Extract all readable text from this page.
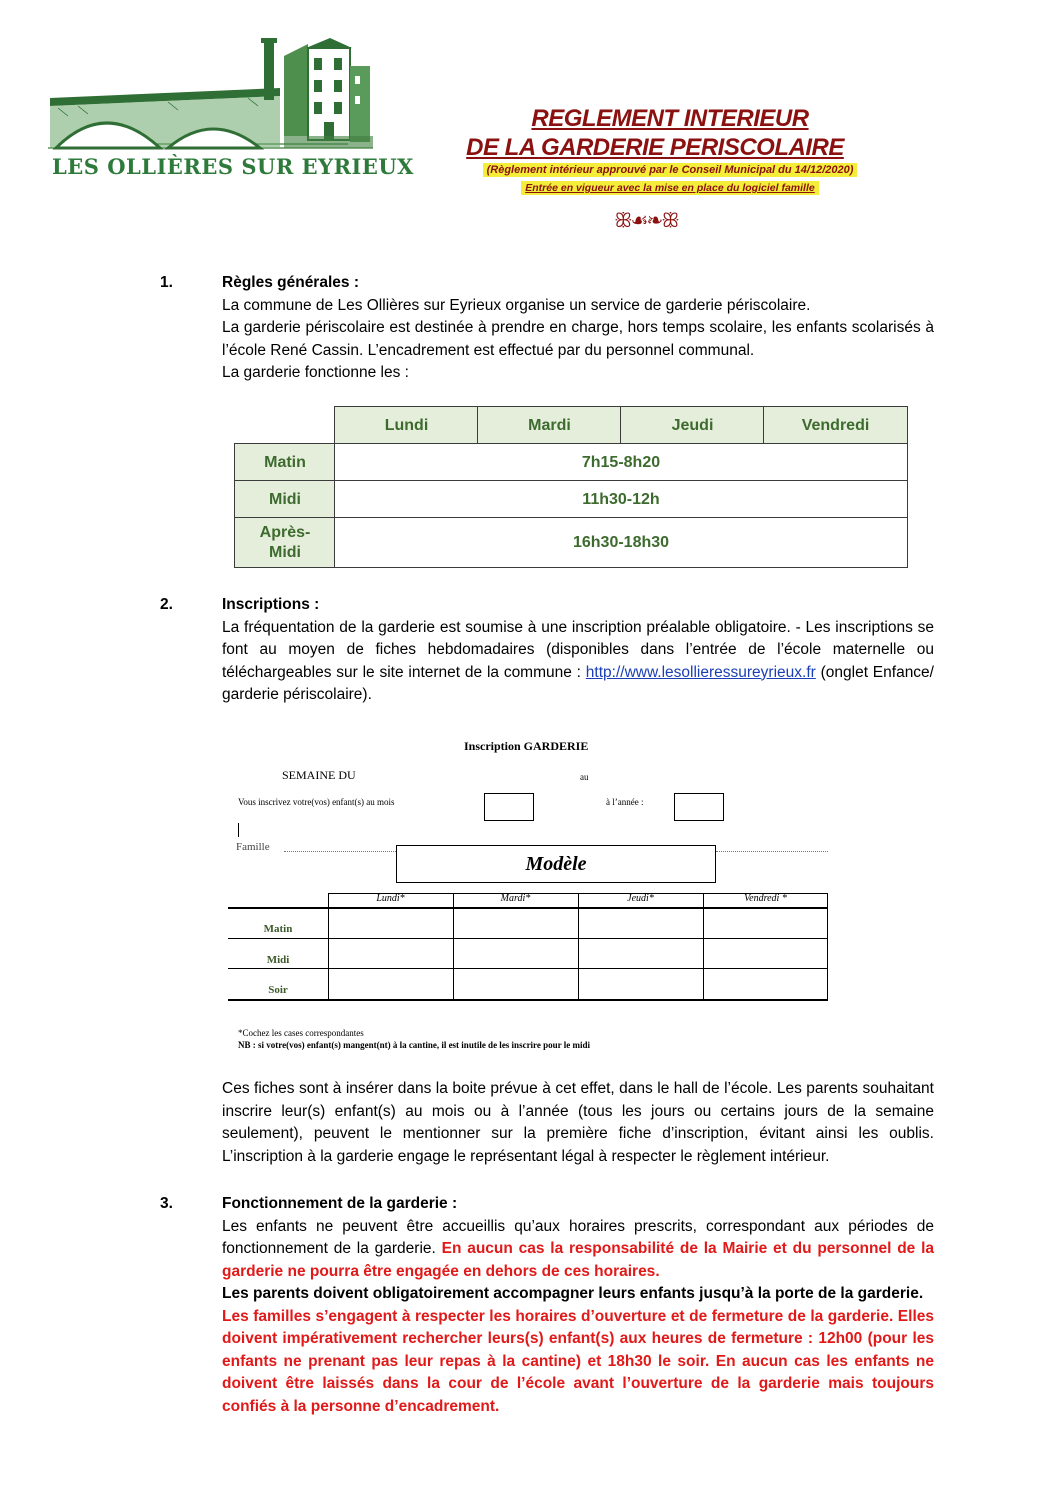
LES OLLIÈRES SUR EYRIEUX
REGLEMENT INTERIEUR
DE LA GARDERIE PERISCOLAIRE
(Règlement intérieur approuvé par le Conseil Municipal du 14/12/2020)
Entrée en vigueur avec la mise en place du logiciel famille
ꕥ☙❧ꕥ
1.	Règles générales :
La commune de Les Ollières sur Eyrieux organise un service de garderie périscolaire.
La garderie périscolaire est destinée à prendre en charge, hors temps scolaire, les enfants scolarisés à l’école René Cassin. L’encadrement est effectué par du personnel communal.
La garderie fonctionne les :
Lundi	Mardi	Jeudi	Vendredi
Matin	7h15-8h20
Midi	11h30-12h
Après-Midi
16h30-18h30
2.	Inscriptions :
La fréquentation de la garderie est soumise à une inscription préalable obligatoire. - Les inscriptions se font au moyen de fiches hebdomadaires (disponibles dans l’entrée de l’école maternelle ou téléchargeables sur le site internet de la commune : http://www.lesollieressureyrieux.fr (onglet Enfance/ garderie périscolaire).
Inscription GARDERIE
SEMAINE DU	au
Vous inscrivez votre(vos) enfant(s) au mois	à l’année :
Famille
Modèle
Lundi*	Mardi*	Jeudi*	Vendredi *
Matin
Midi
Soir
*Cochez les cases correspondantes
NB : si votre(vos) enfant(s) mangent(nt) à la cantine, il est inutile de les inscrire pour le midi
Ces fiches sont à insérer dans la boite prévue à cet effet, dans le hall de l’école. Les parents souhaitant inscrire leur(s) enfant(s) au mois ou à l’année (tous les jours ou certains jours de la semaine seulement), peuvent le mentionner sur la première fiche d’inscription, évitant ainsi les oublis. L’inscription à la garderie engage le représentant légal à respecter le règlement intérieur.
3.	Fonctionnement de la garderie :
Les enfants ne peuvent être accueillis qu’aux horaires prescrits, correspondant aux périodes de fonctionnement de la garderie. En aucun cas la responsabilité de la Mairie et du personnel de la garderie ne pourra être engagée en dehors de ces horaires.
Les parents doivent obligatoirement accompagner leurs enfants jusqu’à la porte de la garderie.
Les familles s’engagent à respecter les horaires d’ouverture et de fermeture de la garderie. Elles doivent impérativement rechercher leurs(s) enfant(s) aux heures de fermeture : 12h00 (pour les enfants ne prenant pas leur repas à la cantine) et 18h30 le soir. En aucun cas les enfants ne doivent être laissés dans la cour de l’école avant l’ouverture de la garderie mais toujours confiés à la personne d’encadrement.
